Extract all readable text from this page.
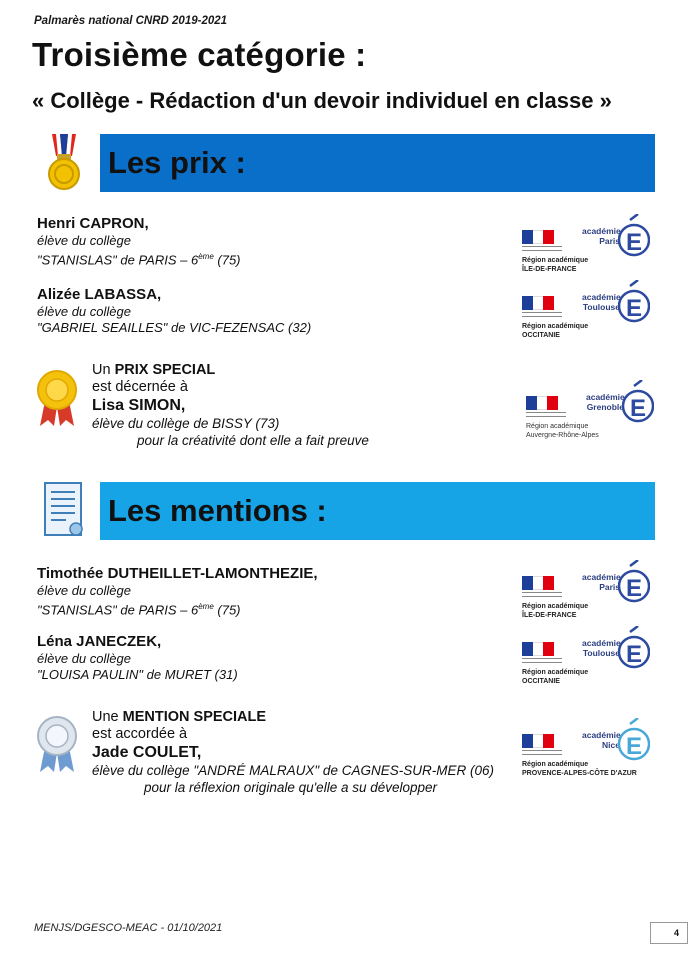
Palmarès national CNRD 2019-2021
Troisième catégorie :
« Collège - Rédaction d'un devoir individuel en classe »
Les prix :
Henri CAPRON,
élève du collège
"STANISLAS" de PARIS – 6ème (75)
académie
Paris E
Région académique
ÎLE-DE-FRANCE
Alizée LABASSA,
élève du collège
"GABRIEL SEAILLES" de VIC-FEZENSAC (32)
académie
Toulouse E
Région académique
OCCITANIE
Un PRIX SPECIAL
est décernée à
Lisa SIMON,
élève du collège de BISSY (73)
pour la créativité dont elle a fait preuve
académie
Grenoble E
Région académique
Auvergne-Rhône-Alpes
Les mentions :
Timothée DUTHEILLET-LAMONTHEZIE,
élève du collège
"STANISLAS" de PARIS – 6ème (75)
académie
Paris E
Région académique
ÎLE-DE-FRANCE
Léna JANECZEK,
élève du collège
"LOUISA PAULIN" de MURET (31)
académie
Toulouse E
Région académique
OCCITANIE
Une MENTION SPECIALE
est accordée à
Jade COULET,
élève du collège "ANDRÉ MALRAUX" de CAGNES-SUR-MER (06)
pour la réflexion originale qu'elle a su développer
académie
Nice E
Région académique
PROVENCE-ALPES-CÔTE D'AZUR
MENJS/DGESCO-MEAC - 01/10/2021	4
